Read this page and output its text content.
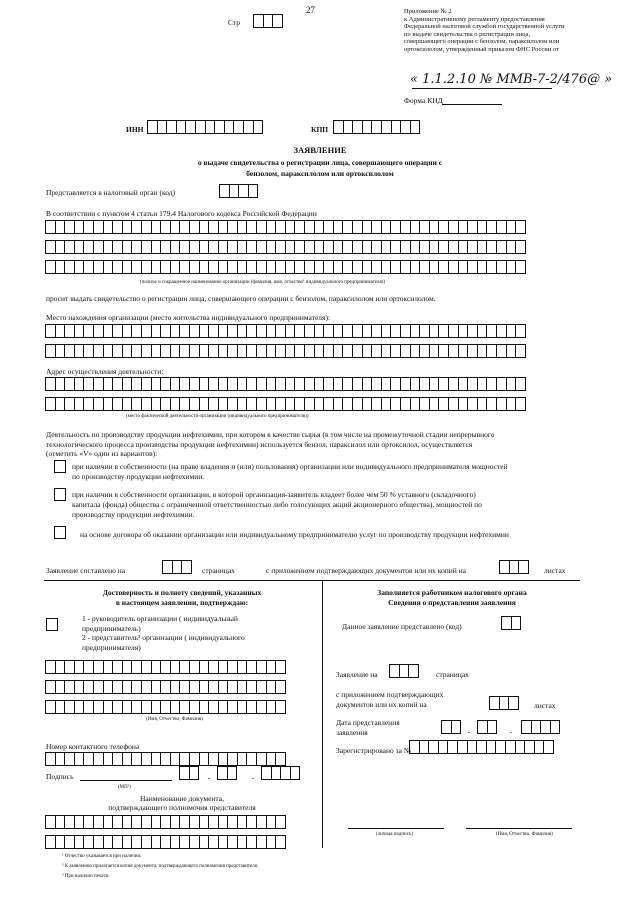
27
Стр
Приложение № 2
к Административному регламенту предоставления
Федеральной налоговой службой государственной услуги
по выдаче свидетельства о регистрации лица,
совершающего операции с бензолом, параксилолом или
ортоксилолом, утвержденный приказом ФНС России от
« 1.1.2.10 № ММВ-7-2/476@ »
Форма КНД
ИНН	КПП
ЗАЯВЛЕНИЕ
о выдаче свидетельства о регистрации лица, совершающего операции с
бензолом, параксилолом или ортоксилолом
Представляется в налоговый орган (код)
В соответствии с пунктом 4 статьи 179.4 Налогового кодекса Российской Федерации
(полное и сокращенное наименование организации (фамилия, имя, отчество¹ индивидуального предпринимателя))
просит выдать свидетельство о регистрации лица, совершающего операции с бензолом, параксилолом или ортоксилолом.
Место нахождения организации (место жительства индивидуального предпринимателя):
Адрес осуществления деятельности:
(место фактической деятельности организации (индивидуального предпринимателя))
Деятельность по производству продукции нефтехимии, при котором в качестве сырья (в том числе на промежуточной стадии непрерывного
технологического процесса производства продукции нефтехимии) используется бензол, параксилол или ортоксилол, осуществляется
(отметить «V» один из вариантов):
при наличии в собственности (на праве владения и (или) пользования) организации или индивидуального предпринимателя мощностей
по производству продукции нефтехимии.
при наличии в собственности организации, в которой организация-заявитель владеет более чем 50 % уставного (складочного)
капитала (фонда) общества с ограниченной ответственностью либо голосующих акций акционерного общества), мощностей по
производству продукции нефтехимии.
на основе договора об оказании организации или индивидуальному предпринимателю услуг по производству продукции нефтехимии
Заявление составлено на	страницах	с приложением подтверждающих документов или их копий на	листах
Достоверность и полноту сведений, указанных
в настоящем заявлении, подтверждаю:
1 - руководитель организации ( индивидуальный
предприниматель)
2 - представитель² организации ( индивидуального
предпринимателя)
(Имя, Отчество, Фамилия)
Номер контактного телефона
Подпись
(МП³)
.	.
Наименование документа,
подтверждающего полномочия представителя
Заполняется работником налогового органа
Сведения о представлении заявления
Данное заявление представлено (код)
Заявление на	страницах
с приложением подтверждающих
документов или их копий на	листах
Дата представления
заявления	.	.
Зарегистрировано за №
(личная подпись)	(Имя, Отчество, Фамилия)
¹ Отчество указывается при наличии.
² К заявлению прилагается копия документа, подтверждающего полномочия представителя.
³ При наличии печати.
